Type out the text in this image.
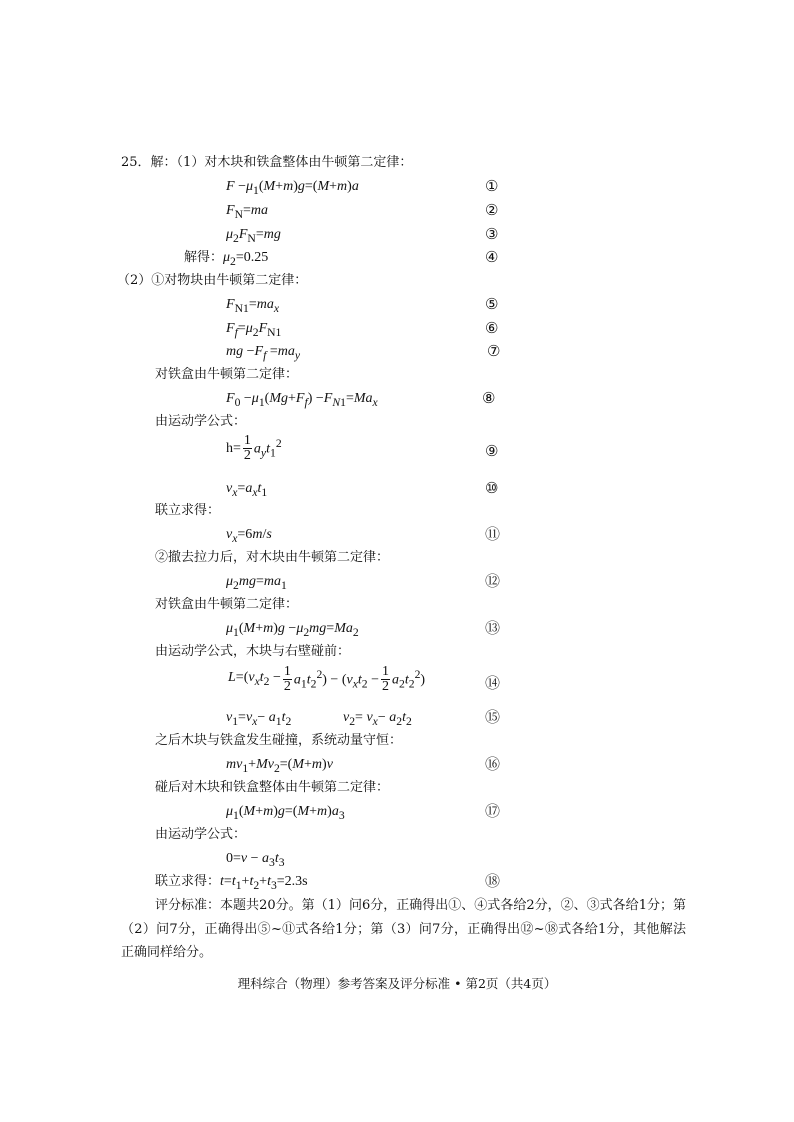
25．解：（1）对木块和铁盒整体由牛顿第二定律：
$F -\mu_1(M+m)g=(M+m)a$
$F_N=ma$
$\mu_2F_N=mg$
解得：$\mu_2=0.25$
（2）①对物块由牛顿第二定律：
$F_{N1}=ma_x$
$F_f=\mu_2F_{N1}$
mg $-F_f =ma_y$
对铁盒由牛顿第二定律：
$F_0 -\mu_1(Mg+F_f) -F_{N1}=Ma_x$
由运动学公式：
$h= \frac{1}{2} a_yt_1^2$
$v_x=a_xt_1$
联立求得：
$v_x=6m/s$
②撤去拉力后，对木块由牛顿第二定律：
$\mu_2mg=ma_1$
对铁盒由牛顿第二定律：
$\mu_1(M+m)g -\mu_2mg=Ma_2$
由运动学公式，木块与右壁碰前：
$L=(v_xt_2 - \frac{1}{2} a_1t_2^2) - (v_xt_2 - \frac{1}{2} a_2t_2^2)$
$v_1=v_x- a_1t_2$	$v_2= v_x- a_2t_2$
之后木块与铁盒发生碰撞，系统动量守恒：
$mv_1+Mv_2=(M+m)v$
碰后对木块和铁盒整体由牛顿第二定律：
$\mu_1(M+m)g=(M+m)a_3$
由运动学公式：
$0=v - a_3t_3$
联立求得：$t=t_1+t_2+t_3=2.3s$
①
②
③
④
⑤
⑥
⑦
⑧
⑨
⑩
⑪
⑫
⑬
⑭
⑮
⑯
⑰
⑱
评分标准：本题共20分。第（1）问6分，正确得出①、④式各给2分，②、③式各给1分；第（2）问7分，正确得出⑤~⑪式各给1分；第（3）问7分，正确得出⑫~⑱式各给1分，其他解法正确同样给分。
理科综合（物理）参考答案及评分标准 • 第2页（共4页）
